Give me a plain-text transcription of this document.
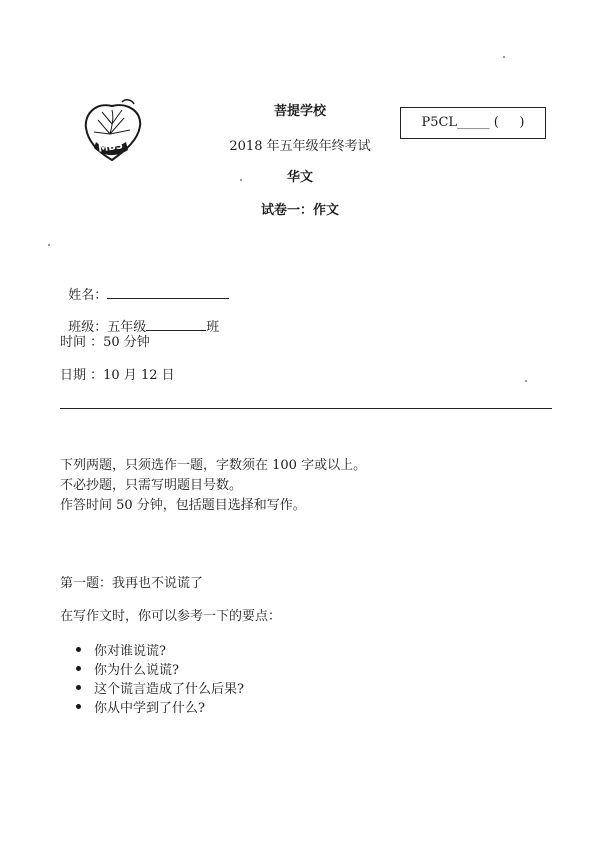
MBS
菩提学校
2018 年五年级年终考试
华文
试卷一：作文
P5CL_____ (     )

姓名：

班级：五年级	班

时间 ：50 分钟
日期 ：10 月 12 日
下列两题，只须选作一题，字数须在 100 字或以上。
不必抄题，只需写明题目号数。
作答时间 50 分钟，包括题目选择和写作。
第一题：我再也不说谎了
在写作文时，你可以参考一下的要点：
你对谁说谎?
你为什么说谎?
这个谎言造成了什么后果?
你从中学到了什么?
